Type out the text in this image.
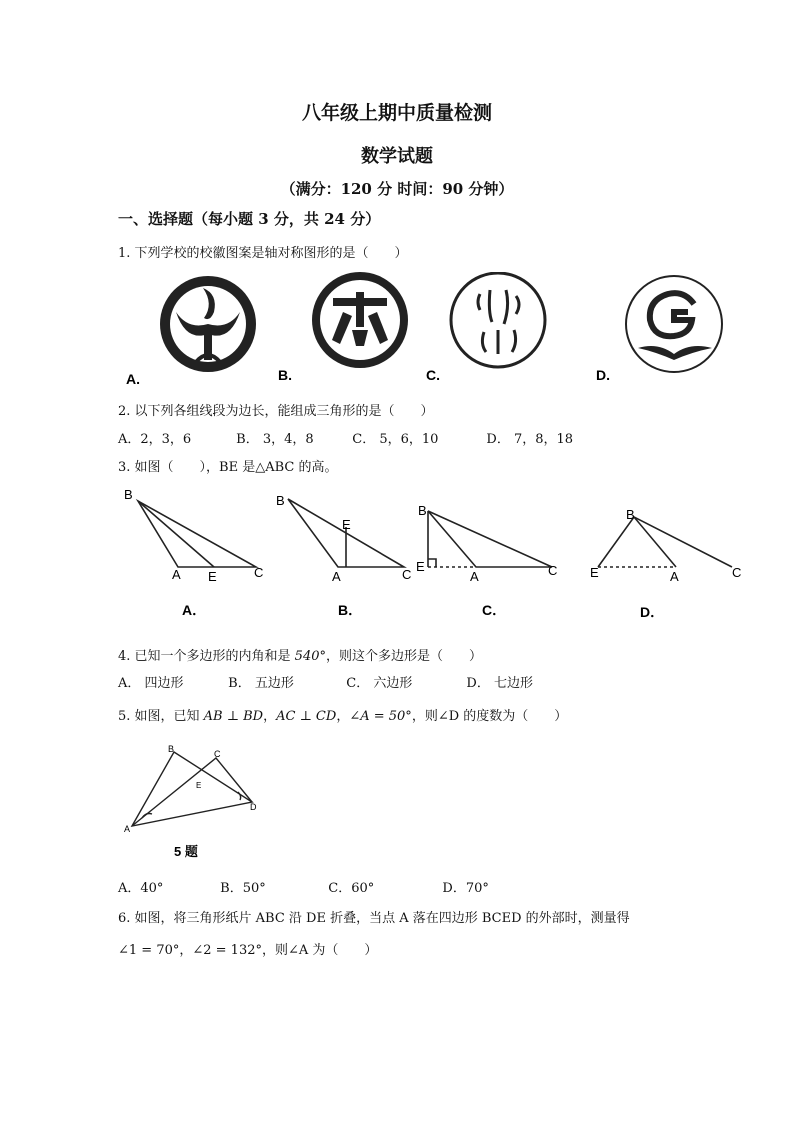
八年级上期中质量检测
数学试题
（满分：120 分 时间：90 分钟）
一、选择题（每小题 3 分，共 24 分）
1. 下列学校的校徽图案是轴对称图形的是（　　）
A.	B.	C.	D.
2. 以下列各组线段为边长，能组成三角形的是（　　）
A．2，3，6	B． 3，4，8	C． 5，6，10	D． 7，8，18
3. 如图（　　），BE 是△ABC 的高。
B
A E	C
A．
B
E
A	C
B．
B
E
A	C
C．
B
E	A	C
D．
4. 已知一个多边形的内角和是 540°，则这个多边形是（　　）
A． 四边形	B． 五边形	C． 六边形	D． 七边形
5. 如图，已知 AB ⊥ BD，AC ⊥ CD，∠A = 50°，则∠D 的度数为（　　）
B	C
E
D
A
5 题
A．40°	B．50°	C．60°	D．70°
6. 如图，将三角形纸片 ABC 沿 DE 折叠，当点 A 落在四边形 BCED 的外部时，测量得
∠1 = 70°，∠2 = 132°，则∠A 为（　　）
